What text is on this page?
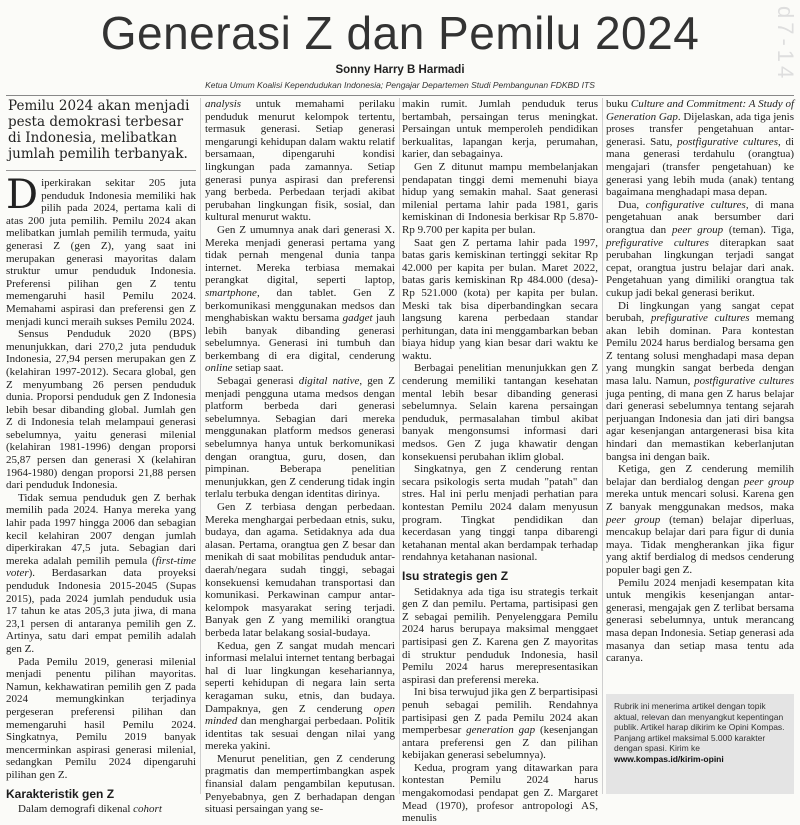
Generasi Z dan Pemilu 2024
Sonny Harry B Harmadi
Ketua Umum Koalisi Kependudukan Indonesia; Pengajar Departemen Studi Pembangunan FDKBD ITS
d7-14
Pemilu 2024 akan menjadi pesta demokrasi terbesar di Indonesia, melibatkan jumlah pemilih terbanyak.

Diperkirakan sekitar 205 juta penduduk Indonesia memiliki hak pilih pada 2024, pertama kali di atas 200 juta pemilih. Pemilu 2024 akan melibatkan jumlah pemilih termuda, yaitu generasi Z (gen Z), yang saat ini merupakan generasi mayoritas dalam struktur umur penduduk Indonesia. Preferensi pilihan gen Z tentu memengaruhi hasil Pemilu 2024. Memahami aspirasi dan preferensi gen Z menjadi kunci meraih sukses Pemilu 2024.

Sensus Penduduk 2020 (BPS) menunjukkan, dari 270,2 juta penduduk Indonesia, 27,94 persen merupakan gen Z (kelahiran 1997-2012). Secara global, gen Z menyumbang 26 persen penduduk dunia. Proporsi penduduk gen Z Indonesia lebih besar dibanding global. Jumlah gen Z di Indonesia telah melampaui generasi sebelumnya, yaitu generasi milenial (kelahiran 1981-1996) dengan proporsi 25,87 persen dan generasi X (kelahiran 1964-1980) dengan proporsi 21,88 persen dari penduduk Indonesia.

Tidak semua penduduk gen Z berhak memilih pada 2024. Hanya mereka yang lahir pada 1997 hingga 2006 dan sebagian kecil kelahiran 2007 dengan jumlah diperkirakan 47,5 juta. Sebagian dari mereka adalah pemilih pemula (first-time voter). Berdasarkan data proyeksi penduduk Indonesia 2015-2045 (Supas 2015), pada 2024 jumlah penduduk usia 17 tahun ke atas 205,3 juta jiwa, di mana 23,1 persen di antaranya pemilih gen Z. Artinya, satu dari empat pemilih adalah gen Z.

Pada Pemilu 2019, generasi milenial menjadi penentu pilihan mayoritas. Namun, kekhawatiran pemilih gen Z pada 2024 memungkinkan terjadinya pergeseran preferensi pilihan dan memengaruhi hasil Pemilu 2024. Singkatnya, Pemilu 2019 banyak mencerminkan aspirasi generasi milenial, sedangkan Pemilu 2024 dipengaruhi pilihan gen Z.

Karakteristik gen Z

Dalam demografi dikenal cohort

analysis untuk memahami perilaku penduduk menurut kelompok tertentu, termasuk generasi. Setiap generasi mengarungi kehidupan dalam waktu relatif bersamaan, dipengaruhi kondisi lingkungan pada zamannya. Setiap generasi punya aspirasi dan preferensi yang berbeda. Perbedaan terjadi akibat perubahan lingkungan fisik, sosial, dan kultural menurut waktu.

Gen Z umumnya anak dari generasi X. Mereka menjadi generasi pertama yang tidak pernah mengenal dunia tanpa internet. Mereka terbiasa memakai perangkat digital, seperti laptop, smartphone, dan tablet. Gen Z berkomunikasi menggunakan medsos dan menghabiskan waktu bersama gadget jauh lebih banyak dibanding generasi sebelumnya. Generasi ini tumbuh dan berkembang di era digital, cenderung online setiap saat.

Sebagai generasi digital native, gen Z menjadi pengguna utama medsos dengan platform berbeda dari generasi sebelumnya. Sebagian dari mereka menggunakan platform medsos generasi sebelumnya hanya untuk berkomunikasi dengan orangtua, guru, dosen, dan pimpinan. Beberapa penelitian menunjukkan, gen Z cenderung tidak ingin terlalu terbuka dengan identitas dirinya.

Gen Z terbiasa dengan perbedaan. Mereka menghargai perbedaan etnis, suku, budaya, dan agama. Setidaknya ada dua alasan. Pertama, orangtua gen Z besar dan menikah di saat mobilitas penduduk antar-daerah/negara sudah tinggi, sebagai konsekuensi kemudahan transportasi dan komunikasi. Perkawinan campur antar-kelompok masyarakat sering terjadi. Banyak gen Z yang memiliki orangtua berbeda latar belakang sosial-budaya.

Kedua, gen Z sangat mudah mencari informasi melalui internet tentang berbagai hal di luar lingkungan kesehariannya, seperti kehidupan di negara lain serta keragaman suku, etnis, dan budaya. Dampaknya, gen Z cenderung open minded dan menghargai perbedaan. Politik identitas tak sesuai dengan nilai yang mereka yakini.

Menurut penelitian, gen Z cenderung pragmatis dan mempertimbangkan aspek finansial dalam pengambilan keputusan. Penyebabnya, gen Z berhadapan dengan situasi persaingan yang se-

makin rumit. Jumlah penduduk terus bertambah, persaingan terus meningkat. Persaingan untuk memperoleh pendidikan berkualitas, lapangan kerja, perumahan, karier, dan sebagainya.

Gen Z ditunut mampu membelanjakan pendapatan tinggi demi memenuhi biaya hidup yang semakin mahal. Saat generasi milenial pertama lahir pada 1981, garis kemiskinan di Indonesia berkisar Rp 5.870-Rp 9.700 per kapita per bulan.

Saat gen Z pertama lahir pada 1997, batas garis kemiskinan tertinggi sekitar Rp 42.000 per kapita per bulan. Maret 2022, batas garis kemiskinan Rp 484.000 (desa)-Rp 521.000 (kota) per kapita per bulan. Meski tak bisa diperbandingkan secara langsung karena perbedaan standar perhitungan, data ini menggambarkan beban biaya hidup yang kian besar dari waktu ke waktu.

Berbagai penelitian menunjukkan gen Z cenderung memiliki tantangan kesehatan mental lebih besar dibanding generasi sebelumnya. Selain karena persaingan penduduk, permasalahan timbul akibat banyak mengonsumsi informasi dari medsos. Gen Z juga khawatir dengan konsekuensi perubahan iklim global.

Singkatnya, gen Z cenderung rentan secara psikologis serta mudah "patah" dan stres. Hal ini perlu menjadi perhatian para kontestan Pemilu 2024 dalam menyusun program. Tingkat pendidikan dan kecerdasan yang tinggi tanpa dibarengi ketahanan mental akan berdampak terhadap rendahnya ketahanan nasional.

Isu strategis gen Z

Setidaknya ada tiga isu strategis terkait gen Z dan pemilu. Pertama, partisipasi gen Z sebagai pemilih. Penyelenggara Pemilu 2024 harus berupaya maksimal menggaet partisipasi gen Z. Karena gen Z mayoritas di struktur penduduk Indonesia, hasil Pemilu 2024 harus merepresentasikan aspirasi dan preferensi mereka.

Ini bisa terwujud jika gen Z berpartisipasi penuh sebagai pemilih. Rendahnya partisipasi gen Z pada Pemilu 2024 akan memperbesar generation gap (kesenjangan antara preferensi gen Z dan pilihan kebijakan generasi sebelumnya).

Kedua, program yang ditawarkan para kontestan Pemilu 2024 harus mengakomodasi pendapat gen Z. Margaret Mead (1970), profesor antropologi AS, menulis

buku Culture and Commitment: A Study of Generation Gap. Dijelaskan, ada tiga jenis proses transfer pengetahuan antar-generasi. Satu, postfigurative cultures, di mana generasi terdahulu (orangtua) mengajari (transfer pengetahuan) ke generasi yang lebih muda (anak) tentang bagaimana menghadapi masa depan.

Dua, configurative cultures, di mana pengetahuan anak bersumber dari orangtua dan peer group (teman). Tiga, prefigurative cultures diterapkan saat perubahan lingkungan terjadi sangat cepat, orangtua justru belajar dari anak. Pengetahuan yang dimiliki orangtua tak cukup jadi bekal generasi berikut.

Di lingkungan yang sangat cepat berubah, prefigurative cultures memang akan lebih dominan. Para kontestan Pemilu 2024 harus berdialog bersama gen Z tentang solusi menghadapi masa depan yang mungkin sangat berbeda dengan masa lalu. Namun, postfigurative cultures juga penting, di mana gen Z harus belajar dari generasi sebelumnya tentang sejarah perjuangan Indonesia dan jati diri bangsa agar kesenjangan antargenerasi bisa kita hindari dan memastikan keberlanjutan bangsa ini dengan baik.

Ketiga, gen Z cenderung memilih belajar dan berdialog dengan peer group mereka untuk mencari solusi. Karena gen Z banyak menggunakan medsos, maka peer group (teman) belajar diperluas, mencakup belajar dari para figur di dunia maya. Tidak mengherankan jika figur yang aktif berdialog di medsos cenderung populer bagi gen Z.

Pemilu 2024 menjadi kesempatan kita untuk mengikis kesenjangan antar-generasi, mengajak gen Z terlibat bersama generasi sebelumnya, untuk merancang masa depan Indonesia. Setiap generasi ada masanya dan setiap masa tentu ada caranya.

Rubrik ini menerima artikel dengan topik aktual, relevan dan menyangkut kepentingan publik. Artikel harap dikirim ke Opini Kompas. Panjang artikel maksimal 5.000 karakter dengan spasi. Kirim ke www.kompas.id/kirim-opini
